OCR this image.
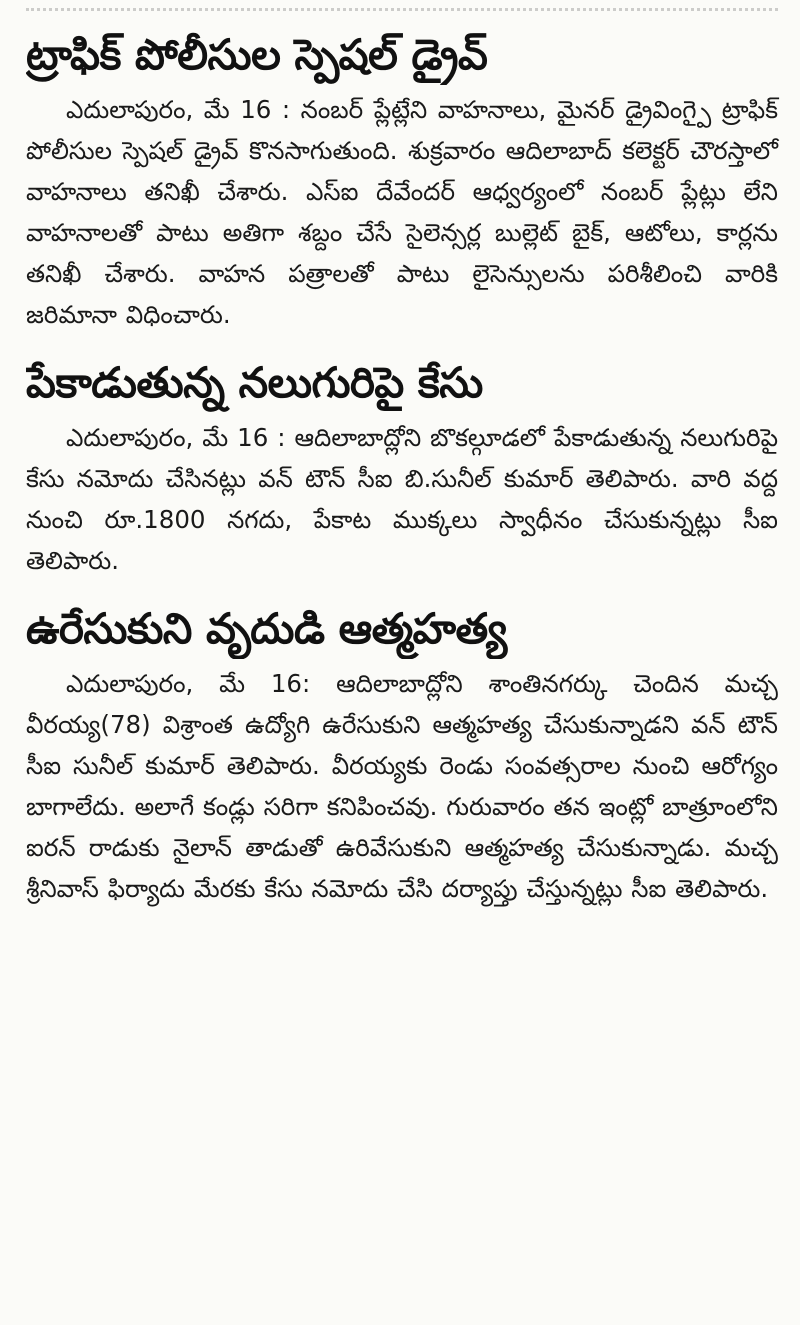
ట్రాఫిక్ పోలీసుల స్పెషల్ డ్రైవ్

ఎదులాపురం, మే 16 : నంబర్ ప్లేట్లేని వాహనాలు, మైనర్ డ్రైవింగ్పై ట్రాఫిక్ పోలీసుల స్పెషల్ డ్రైవ్ కొనసాగుతుంది. శుక్రవారం ఆదిలాబాద్ కలెక్టర్ చౌరస్తాలో వాహనాలు తనిఖీ చేశారు. ఎస్ఐ దేవేందర్ ఆధ్వర్యంలో నంబర్ ప్లేట్లు లేని వాహనాలతో పాటు అతిగా శబ్దం చేసే సైలెన్సర్ల బుల్లెట్ బైక్, ఆటోలు, కార్లను తనిఖీ చేశారు. వాహన పత్రాలతో పాటు లైసెన్సులను పరిశీలించి వారికి జరిమానా విధించారు.

పేకాడుతున్న నలుగురిపై కేసు

ఎదులాపురం, మే 16 : ఆదిలాబాద్లోని బొకల్గూడలో పేకాడుతున్న నలుగురిపై కేసు నమోదు చేసినట్లు వన్ టౌన్ సీఐ బి.సునీల్ కుమార్ తెలిపారు. వారి వద్ద నుంచి రూ.1800 నగదు, పేకాట ముక్కలు స్వాధీనం చేసుకున్నట్లు సీఐ తెలిపారు.

ఉరేసుకుని వృదుడి ఆత్మహత్య

ఎదులాపురం, మే 16: ఆదిలాబాద్లోని శాంతినగర్కు చెందిన మచ్చ వీరయ్య(78) విశ్రాంత ఉద్యోగి ఉరేసుకుని ఆత్మహత్య చేసుకున్నాడని వన్ టౌన్ సీఐ సునీల్ కుమార్ తెలిపారు. వీరయ్యకు రెండు సంవత్సరాల నుంచి ఆరోగ్యం బాగాలేదు. అలాగే కండ్లు సరిగా కనిపించవు. గురువారం తన ఇంట్లో బాత్రూంలోని ఐరన్ రాడుకు నైలాన్ తాడుతో ఉరివేసుకుని ఆత్మహత్య చేసుకున్నాడు. మచ్చ శ్రీనివాస్ ఫిర్యాదు మేరకు కేసు నమోదు చేసి దర్యాప్తు చేస్తున్నట్లు సీఐ తెలిపారు.
